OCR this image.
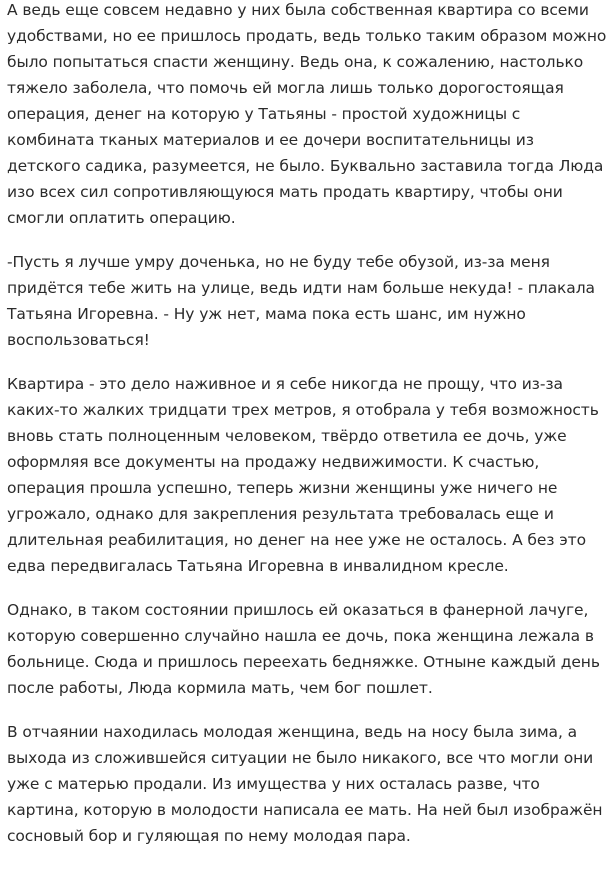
А ведь еще совсем недавно у них была собственная квартира со всеми удобствами, но ее пришлось продать, ведь только таким образом можно было попытаться спасти женщину. Ведь она, к сожалению, настолько тяжело заболела, что помочь ей могла лишь только дорогостоящая операция, денег на которую у Татьяны - простой художницы с комбината тканых материалов и ее дочери воспитательницы из детского садика, разумеется, не было. Буквально заставила тогда Люда изо всех сил сопротивляющуюся мать продать квартиру, чтобы они смогли оплатить операцию.

-Пусть я лучше умру доченька, но не буду тебе обузой, из-за меня придётся тебе жить на улице, ведь идти нам больше некуда! - плакала Татьяна Игоревна. - Ну уж нет, мама пока есть шанс, им нужно воспользоваться!

Квартира - это дело наживное и я себе никогда не прощу, что из-за каких-то жалких тридцати трех метров, я отобрала у тебя возможность вновь стать полноценным человеком, твёрдо ответила ее дочь, уже оформляя все документы на продажу недвижимости. К счастью, операция прошла успешно, теперь жизни женщины уже ничего не угрожало, однако для закрепления результата требовалась еще и длительная реабилитация, но денег на нее уже не осталось. А без это едва передвигалась Татьяна Игоревна в инвалидном кресле.

Однако, в таком состоянии пришлось ей оказаться в фанерной лачуге, которую совершенно случайно нашла ее дочь, пока женщина лежала в больнице. Сюда и пришлось переехать бедняжке. Отныне каждый день после работы, Люда кормила мать, чем бог пошлет.

В отчаянии находилась молодая женщина, ведь на носу была зима, а выхода из сложившейся ситуации не было никакого, все что могли они уже с матерью продали. Из имущества у них осталась разве, что картина, которую в молодости написала ее мать. На ней был изображён сосновый бор и гуляющая по нему молодая пара.
